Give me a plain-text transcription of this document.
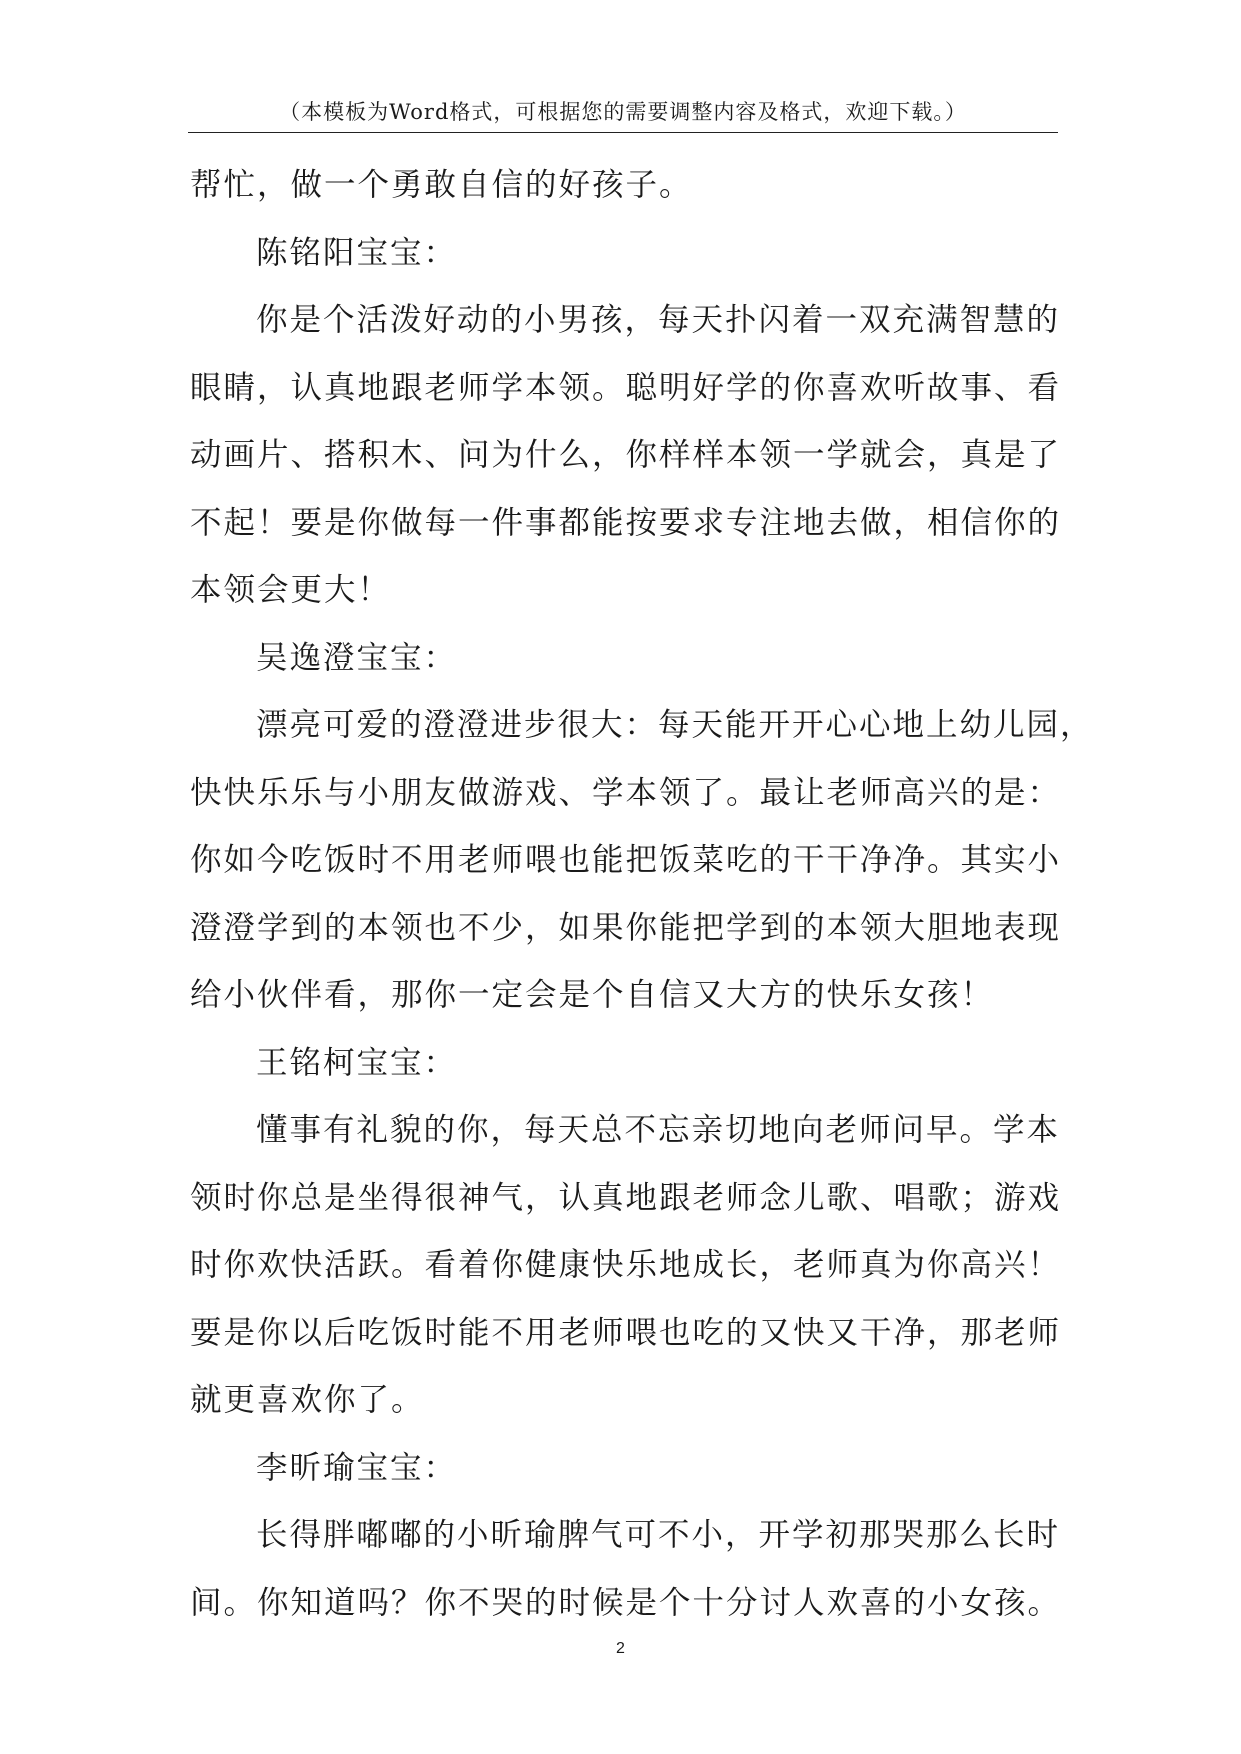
（本模板为Word格式，可根据您的需要调整内容及格式，欢迎下载。）
帮忙，做一个勇敢自信的好孩子。
陈铭阳宝宝：
你是个活泼好动的小男孩，每天扑闪着一双充满智慧的
眼睛，认真地跟老师学本领。聪明好学的你喜欢听故事、看
动画片、搭积木、问为什么，你样样本领一学就会，真是了
不起！要是你做每一件事都能按要求专注地去做，相信你的
本领会更大！
吴逸澄宝宝：
漂亮可爱的澄澄进步很大：每天能开开心心地上幼儿园，
快快乐乐与小朋友做游戏、学本领了。最让老师高兴的是：
你如今吃饭时不用老师喂也能把饭菜吃的干干净净。其实小
澄澄学到的本领也不少，如果你能把学到的本领大胆地表现
给小伙伴看，那你一定会是个自信又大方的快乐女孩！
王铭柯宝宝：
懂事有礼貌的你，每天总不忘亲切地向老师问早。学本
领时你总是坐得很神气，认真地跟老师念儿歌、唱歌；游戏
时你欢快活跃。看着你健康快乐地成长，老师真为你高兴！
要是你以后吃饭时能不用老师喂也吃的又快又干净，那老师
就更喜欢你了。
李昕瑜宝宝：
长得胖嘟嘟的小昕瑜脾气可不小，开学初那哭那么长时
间。你知道吗？你不哭的时候是个十分讨人欢喜的小女孩。
2
